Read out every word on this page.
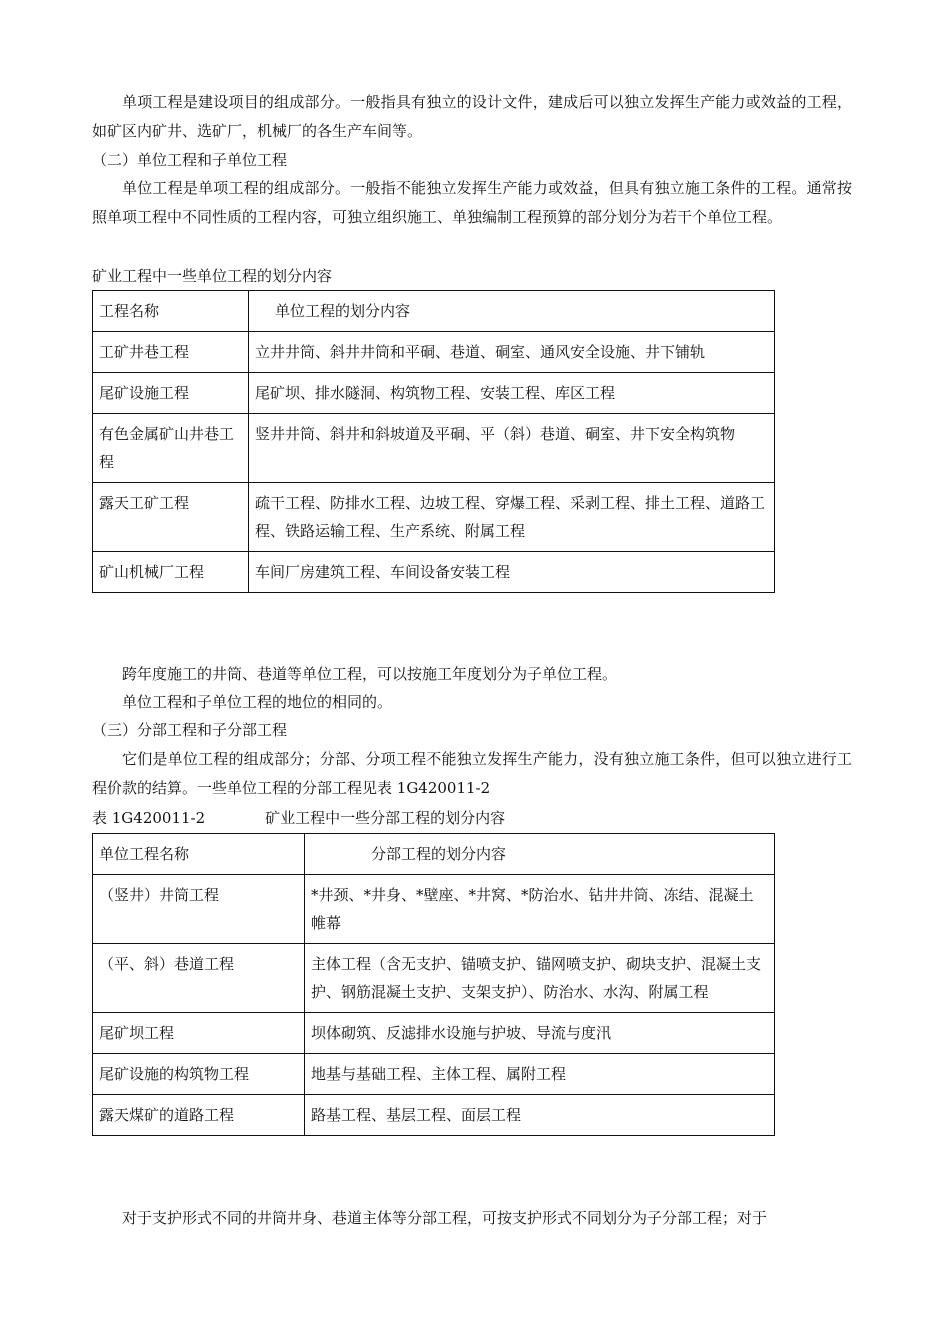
单项工程是建设项目的组成部分。一般指具有独立的设计文件，建成后可以独立发挥生产能力或效益的工程，如矿区内矿井、选矿厂，机械厂的各生产车间等。

（二）单位工程和子单位工程

单位工程是单项工程的组成部分。一般指不能独立发挥生产能力或效益，但具有独立施工条件的工程。通常按照单项工程中不同性质的工程内容，可独立组织施工、单独编制工程预算的部分划分为若干个单位工程。

矿业工程中一些单位工程的划分内容

工程名称	单位工程的划分内容
工矿井巷工程	立井井筒、斜井井筒和平硐、巷道、硐室、通风安全设施、井下铺轨
尾矿设施工程	尾矿坝、排水隧洞、构筑物工程、安装工程、库区工程
有色金属矿山井巷工程	竖井井筒、斜井和斜坡道及平硐、平（斜）巷道、硐室、井下安全构筑物
露天工矿工程	疏干工程、防排水工程、边坡工程、穿爆工程、采剥工程、排土工程、道路工程、铁路运输工程、生产系统、附属工程
矿山机械厂工程	车间厂房建筑工程、车间设备安装工程

跨年度施工的井筒、巷道等单位工程，可以按施工年度划分为子单位工程。

单位工程和子单位工程的地位的相同的。

（三）分部工程和子分部工程

它们是单位工程的组成部分；分部、分项工程不能独立发挥生产能力，没有独立施工条件，但可以独立进行工程价款的结算。一些单位工程的分部工程见表 1G420011-2

表 1G420011-2	矿业工程中一些分部工程的划分内容

单位工程名称	分部工程的划分内容
（竖井）井筒工程	*井颈、*井身、*壁座、*井窝、*防治水、钻井井筒、冻结、混凝土帷幕
（平、斜）巷道工程	主体工程（含无支护、锚喷支护、锚网喷支护、砌块支护、混凝土支护、钢筋混凝土支护、支架支护）、防治水、水沟、附属工程
尾矿坝工程	坝体砌筑、反滤排水设施与护坡、导流与度汛
尾矿设施的构筑物工程	地基与基础工程、主体工程、属附工程
露天煤矿的道路工程	路基工程、基层工程、面层工程

对于支护形式不同的井筒井身、巷道主体等分部工程，可按支护形式不同划分为子分部工程；对于
